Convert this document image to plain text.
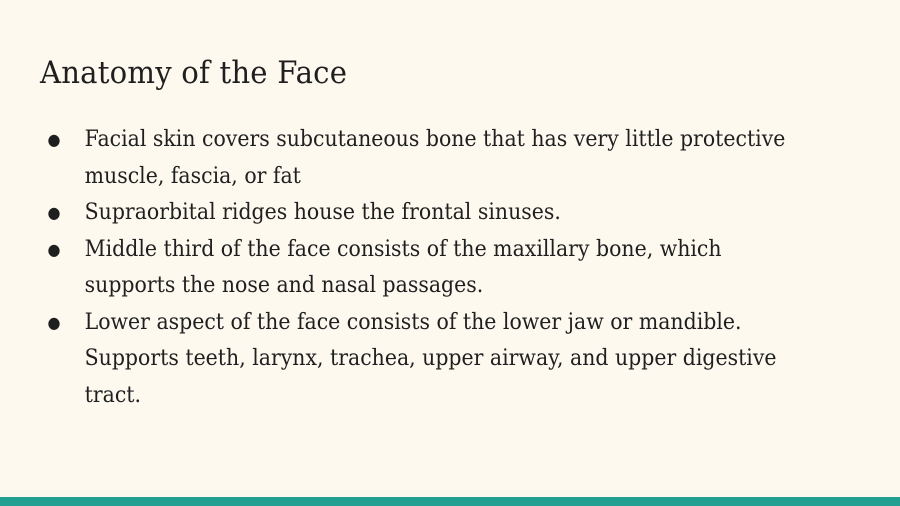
Anatomy of the Face
●	Facial skin covers subcutaneous bone that has very little protective muscle, fascia, or fat
●	Supraorbital ridges house the frontal sinuses.
●	Middle third of the face consists of the maxillary bone, which supports the nose and nasal passages.
●	Lower aspect of the face consists of the lower jaw or mandible. Supports teeth, larynx, trachea, upper airway, and upper digestive tract.
